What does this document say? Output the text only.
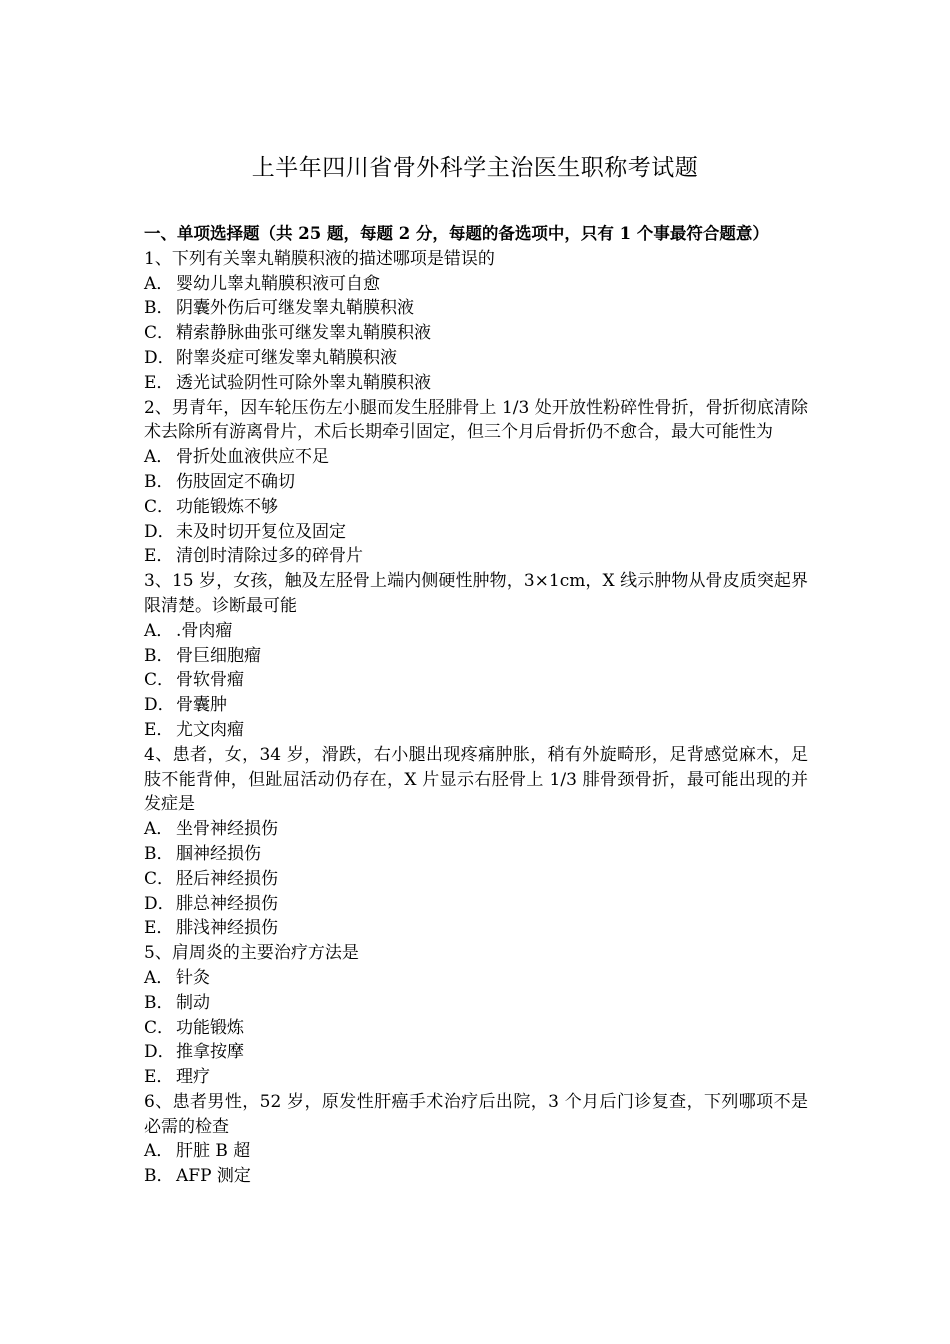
上半年四川省骨外科学主治医生职称考试题
一、单项选择题（共 25 题，每题 2 分，每题的备选项中，只有 1 个事最符合题意）

1、下列有关睾丸鞘膜积液的描述哪项是错误的

A． 婴幼儿睾丸鞘膜积液可自愈

B． 阴囊外伤后可继发睾丸鞘膜积液

C． 精索静脉曲张可继发睾丸鞘膜积液

D．附睾炎症可继发睾丸鞘膜积液

E． 透光试验阴性可除外睾丸鞘膜积液

2、男青年，因车轮压伤左小腿而发生胫腓骨上 1/3 处开放性粉碎性骨折，骨折彻底清除术去除所有游离骨片，术后长期牵引固定，但三个月后骨折仍不愈合，最大可能性为

A． 骨折处血液供应不足

B． 伤肢固定不确切

C． 功能锻炼不够

D．未及时切开复位及固定

E． 清创时清除过多的碎骨片

3、15 岁，女孩，触及左胫骨上端内侧硬性肿物，3×1cm，X 线示肿物从骨皮质突起界限清楚。诊断最可能

A． .骨肉瘤

B． 骨巨细胞瘤

C． 骨软骨瘤

D．骨囊肿

E． 尤文肉瘤

4、患者，女，34 岁，滑跌，右小腿出现疼痛肿胀，稍有外旋畸形，足背感觉麻木，足肢不能背伸，但趾屈活动仍存在，X 片显示右胫骨上 1/3 腓骨颈骨折，最可能出现的并发症是

A． 坐骨神经损伤

B． 腘神经损伤

C． 胫后神经损伤

D．腓总神经损伤

E． 腓浅神经损伤

5、肩周炎的主要治疗方法是

A． 针灸

B． 制动

C． 功能锻炼

D．推拿按摩

E． 理疗

6、患者男性，52 岁，原发性肝癌手术治疗后出院，3 个月后门诊复查，下列哪项不是必需的检查

A． 肝脏 B 超

B． AFP 测定
